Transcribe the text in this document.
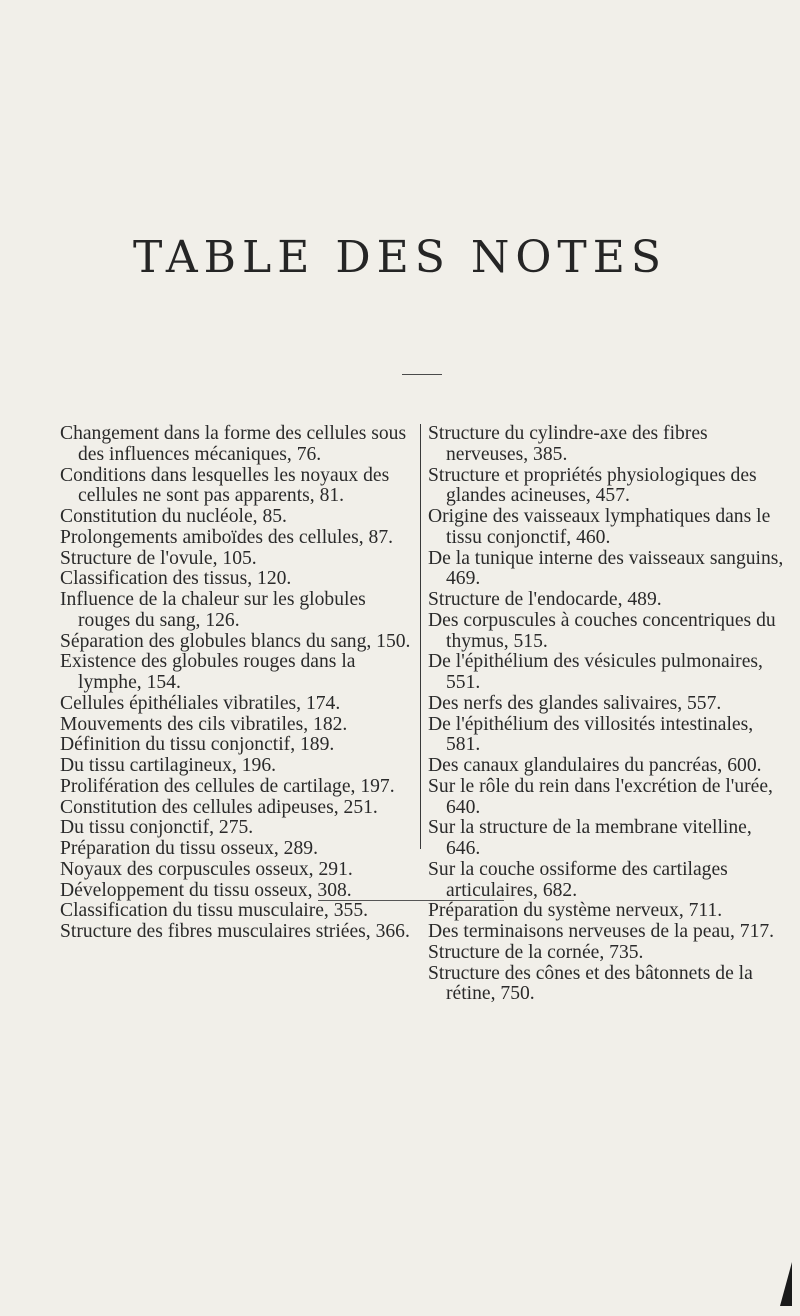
TABLE DES NOTES
Changement dans la forme des cellules sous des influences mécaniques, 76.
Conditions dans lesquelles les noyaux des cellules ne sont pas apparents, 81.
Constitution du nucléole, 85.
Prolongements amiboïdes des cellules, 87.
Structure de l'ovule, 105.
Classification des tissus, 120.
Influence de la chaleur sur les globules rouges du sang, 126.
Séparation des globules blancs du sang, 150.
Existence des globules rouges dans la lymphe, 154.
Cellules épithéliales vibratiles, 174.
Mouvements des cils vibratiles, 182.
Définition du tissu conjonctif, 189.
Du tissu cartilagineux, 196.
Prolifération des cellules de cartilage, 197.
Constitution des cellules adipeuses, 251.
Du tissu conjonctif, 275.
Préparation du tissu osseux, 289.
Noyaux des corpuscules osseux, 291.
Développement du tissu osseux, 308.
Classification du tissu musculaire, 355.
Structure des fibres musculaires striées, 366.
Structure du cylindre-axe des fibres nerveuses, 385.
Structure et propriétés physiologiques des glandes acineuses, 457.
Origine des vaisseaux lymphatiques dans le tissu conjonctif, 460.
De la tunique interne des vaisseaux sanguins, 469.
Structure de l'endocarde, 489.
Des corpuscules à couches concentriques du thymus, 515.
De l'épithélium des vésicules pulmonaires, 551.
Des nerfs des glandes salivaires, 557.
De l'épithélium des villosités intestinales, 581.
Des canaux glandulaires du pancréas, 600.
Sur le rôle du rein dans l'excrétion de l'urée, 640.
Sur la structure de la membrane vitelline, 646.
Sur la couche ossiforme des cartilages articulaires, 682.
Préparation du système nerveux, 711.
Des terminaisons nerveuses de la peau, 717.
Structure de la cornée, 735.
Structure des cônes et des bâtonnets de la rétine, 750.
